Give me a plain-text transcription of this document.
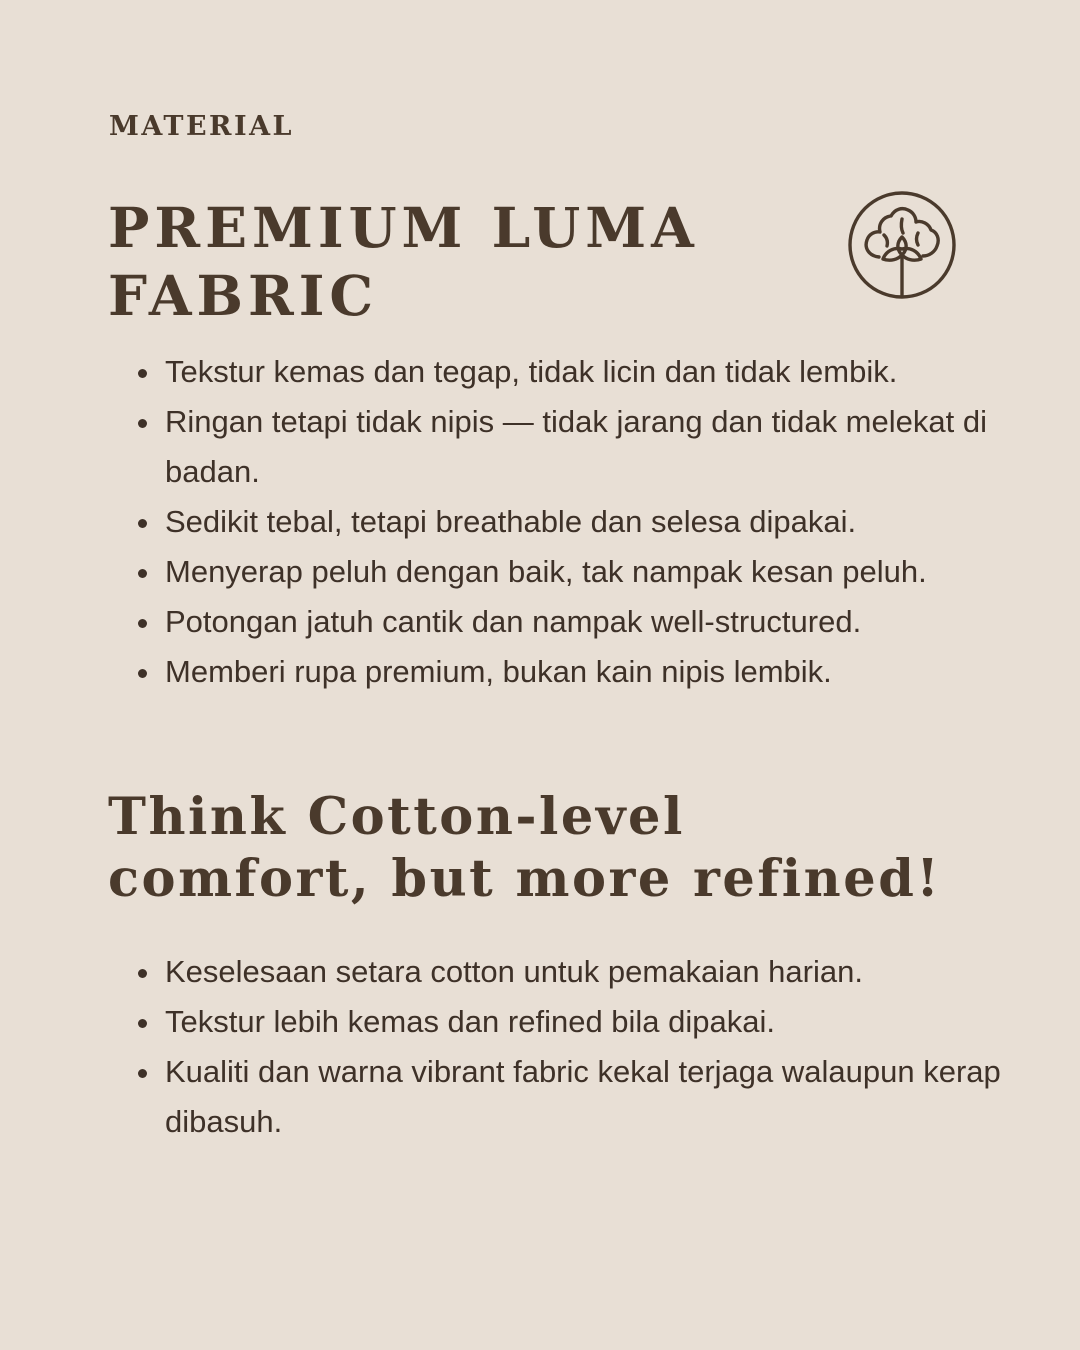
MATERIAL

PREMIUM LUMA
FABRIC
Tekstur kemas dan tegap, tidak licin dan tidak lembik.
Ringan tetapi tidak nipis — tidak jarang dan tidak melekat di badan.
Sedikit tebal, tetapi breathable dan selesa dipakai.
Menyerap peluh dengan baik, tak nampak kesan peluh.
Potongan jatuh cantik dan nampak well-structured.
Memberi rupa premium, bukan kain nipis lembik.
Think Cotton-level
comfort, but more refined!
Keselesaan setara cotton untuk pemakaian harian.
Tekstur lebih kemas dan refined bila dipakai.
Kualiti dan warna vibrant fabric kekal terjaga walaupun kerap dibasuh.
